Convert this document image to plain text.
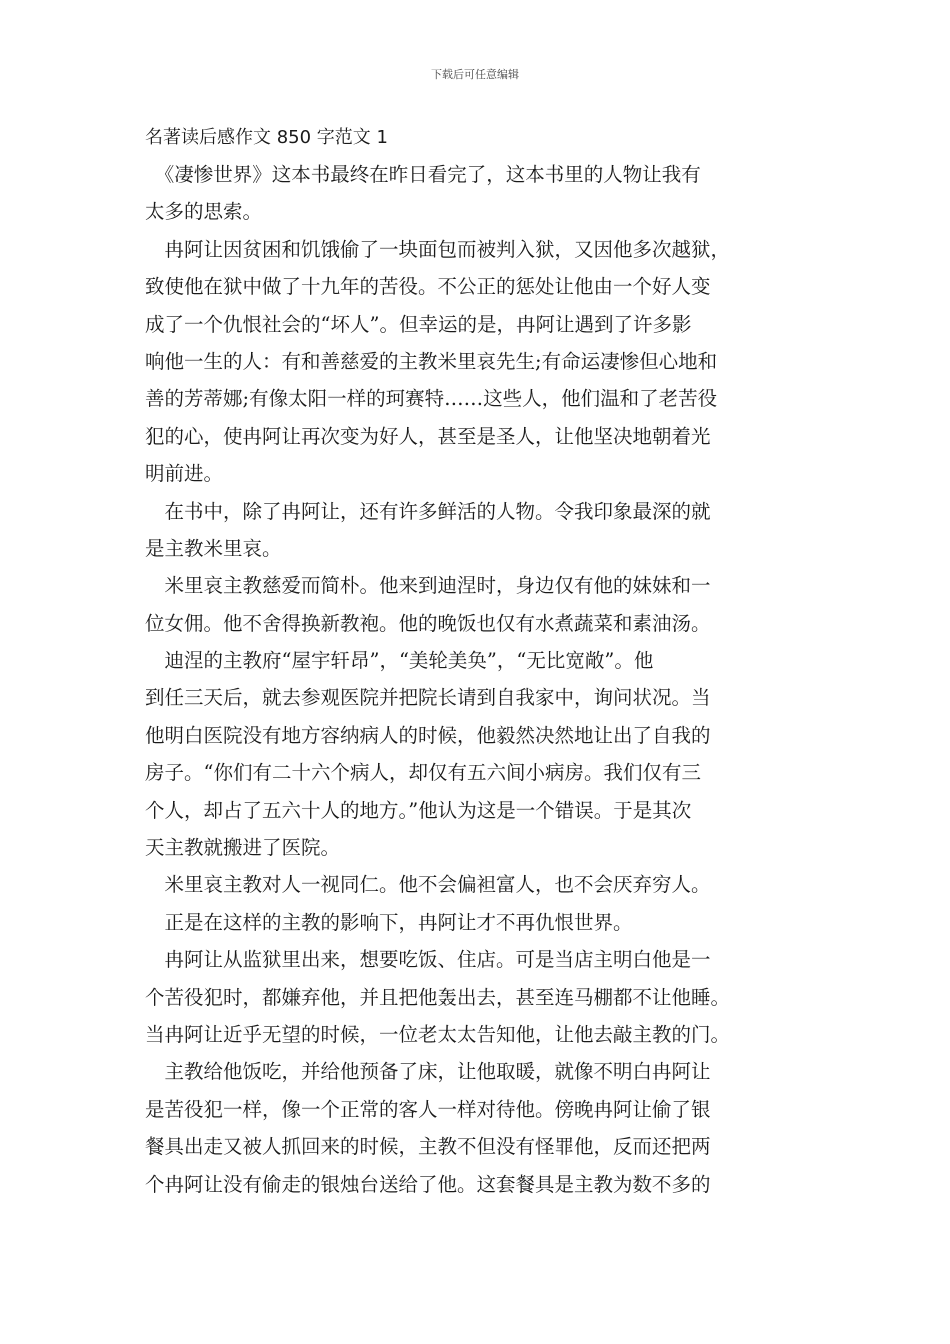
下载后可任意编辑
名著读后感作文 850 字范文 1
　《凄惨世界》这本书最终在昨日看完了，这本书里的人物让我有
太多的思索。
　冉阿让因贫困和饥饿偷了一块面包而被判入狱，又因他多次越狱，
致使他在狱中做了十九年的苦役。不公正的惩处让他由一个好人变
成了一个仇恨社会的“坏人”。但幸运的是，冉阿让遇到了许多影
响他一生的人：有和善慈爱的主教米里哀先生;有命运凄惨但心地和
善的芳蒂娜;有像太阳一样的珂赛特……这些人，他们温和了老苦役
犯的心，使冉阿让再次变为好人，甚至是圣人，让他坚决地朝着光
明前进。
　在书中，除了冉阿让，还有许多鲜活的人物。令我印象最深的就
是主教米里哀。
　米里哀主教慈爱而简朴。他来到迪涅时，身边仅有他的妹妹和一
位女佣。他不舍得换新教袍。他的晚饭也仅有水煮蔬菜和素油汤。
　迪涅的主教府“屋宇轩昂”，“美轮美奂”，“无比宽敞”。他
到任三天后，就去参观医院并把院长请到自我家中，询问状况。当
他明白医院没有地方容纳病人的时候，他毅然决然地让出了自我的
房子。“你们有二十六个病人，却仅有五六间小病房。我们仅有三
个人，却占了五六十人的地方。”他认为这是一个错误。于是其次
天主教就搬进了医院。
　米里哀主教对人一视同仁。他不会偏袒富人，也不会厌弃穷人。
　正是在这样的主教的影响下，冉阿让才不再仇恨世界。
　冉阿让从监狱里出来，想要吃饭、住店。可是当店主明白他是一
个苦役犯时，都嫌弃他，并且把他轰出去，甚至连马棚都不让他睡。
当冉阿让近乎无望的时候，一位老太太告知他，让他去敲主教的门。
　主教给他饭吃，并给他预备了床，让他取暖，就像不明白冉阿让
是苦役犯一样，像一个正常的客人一样对待他。傍晚冉阿让偷了银
餐具出走又被人抓回来的时候，主教不但没有怪罪他，反而还把两
个冉阿让没有偷走的银烛台送给了他。这套餐具是主教为数不多的
